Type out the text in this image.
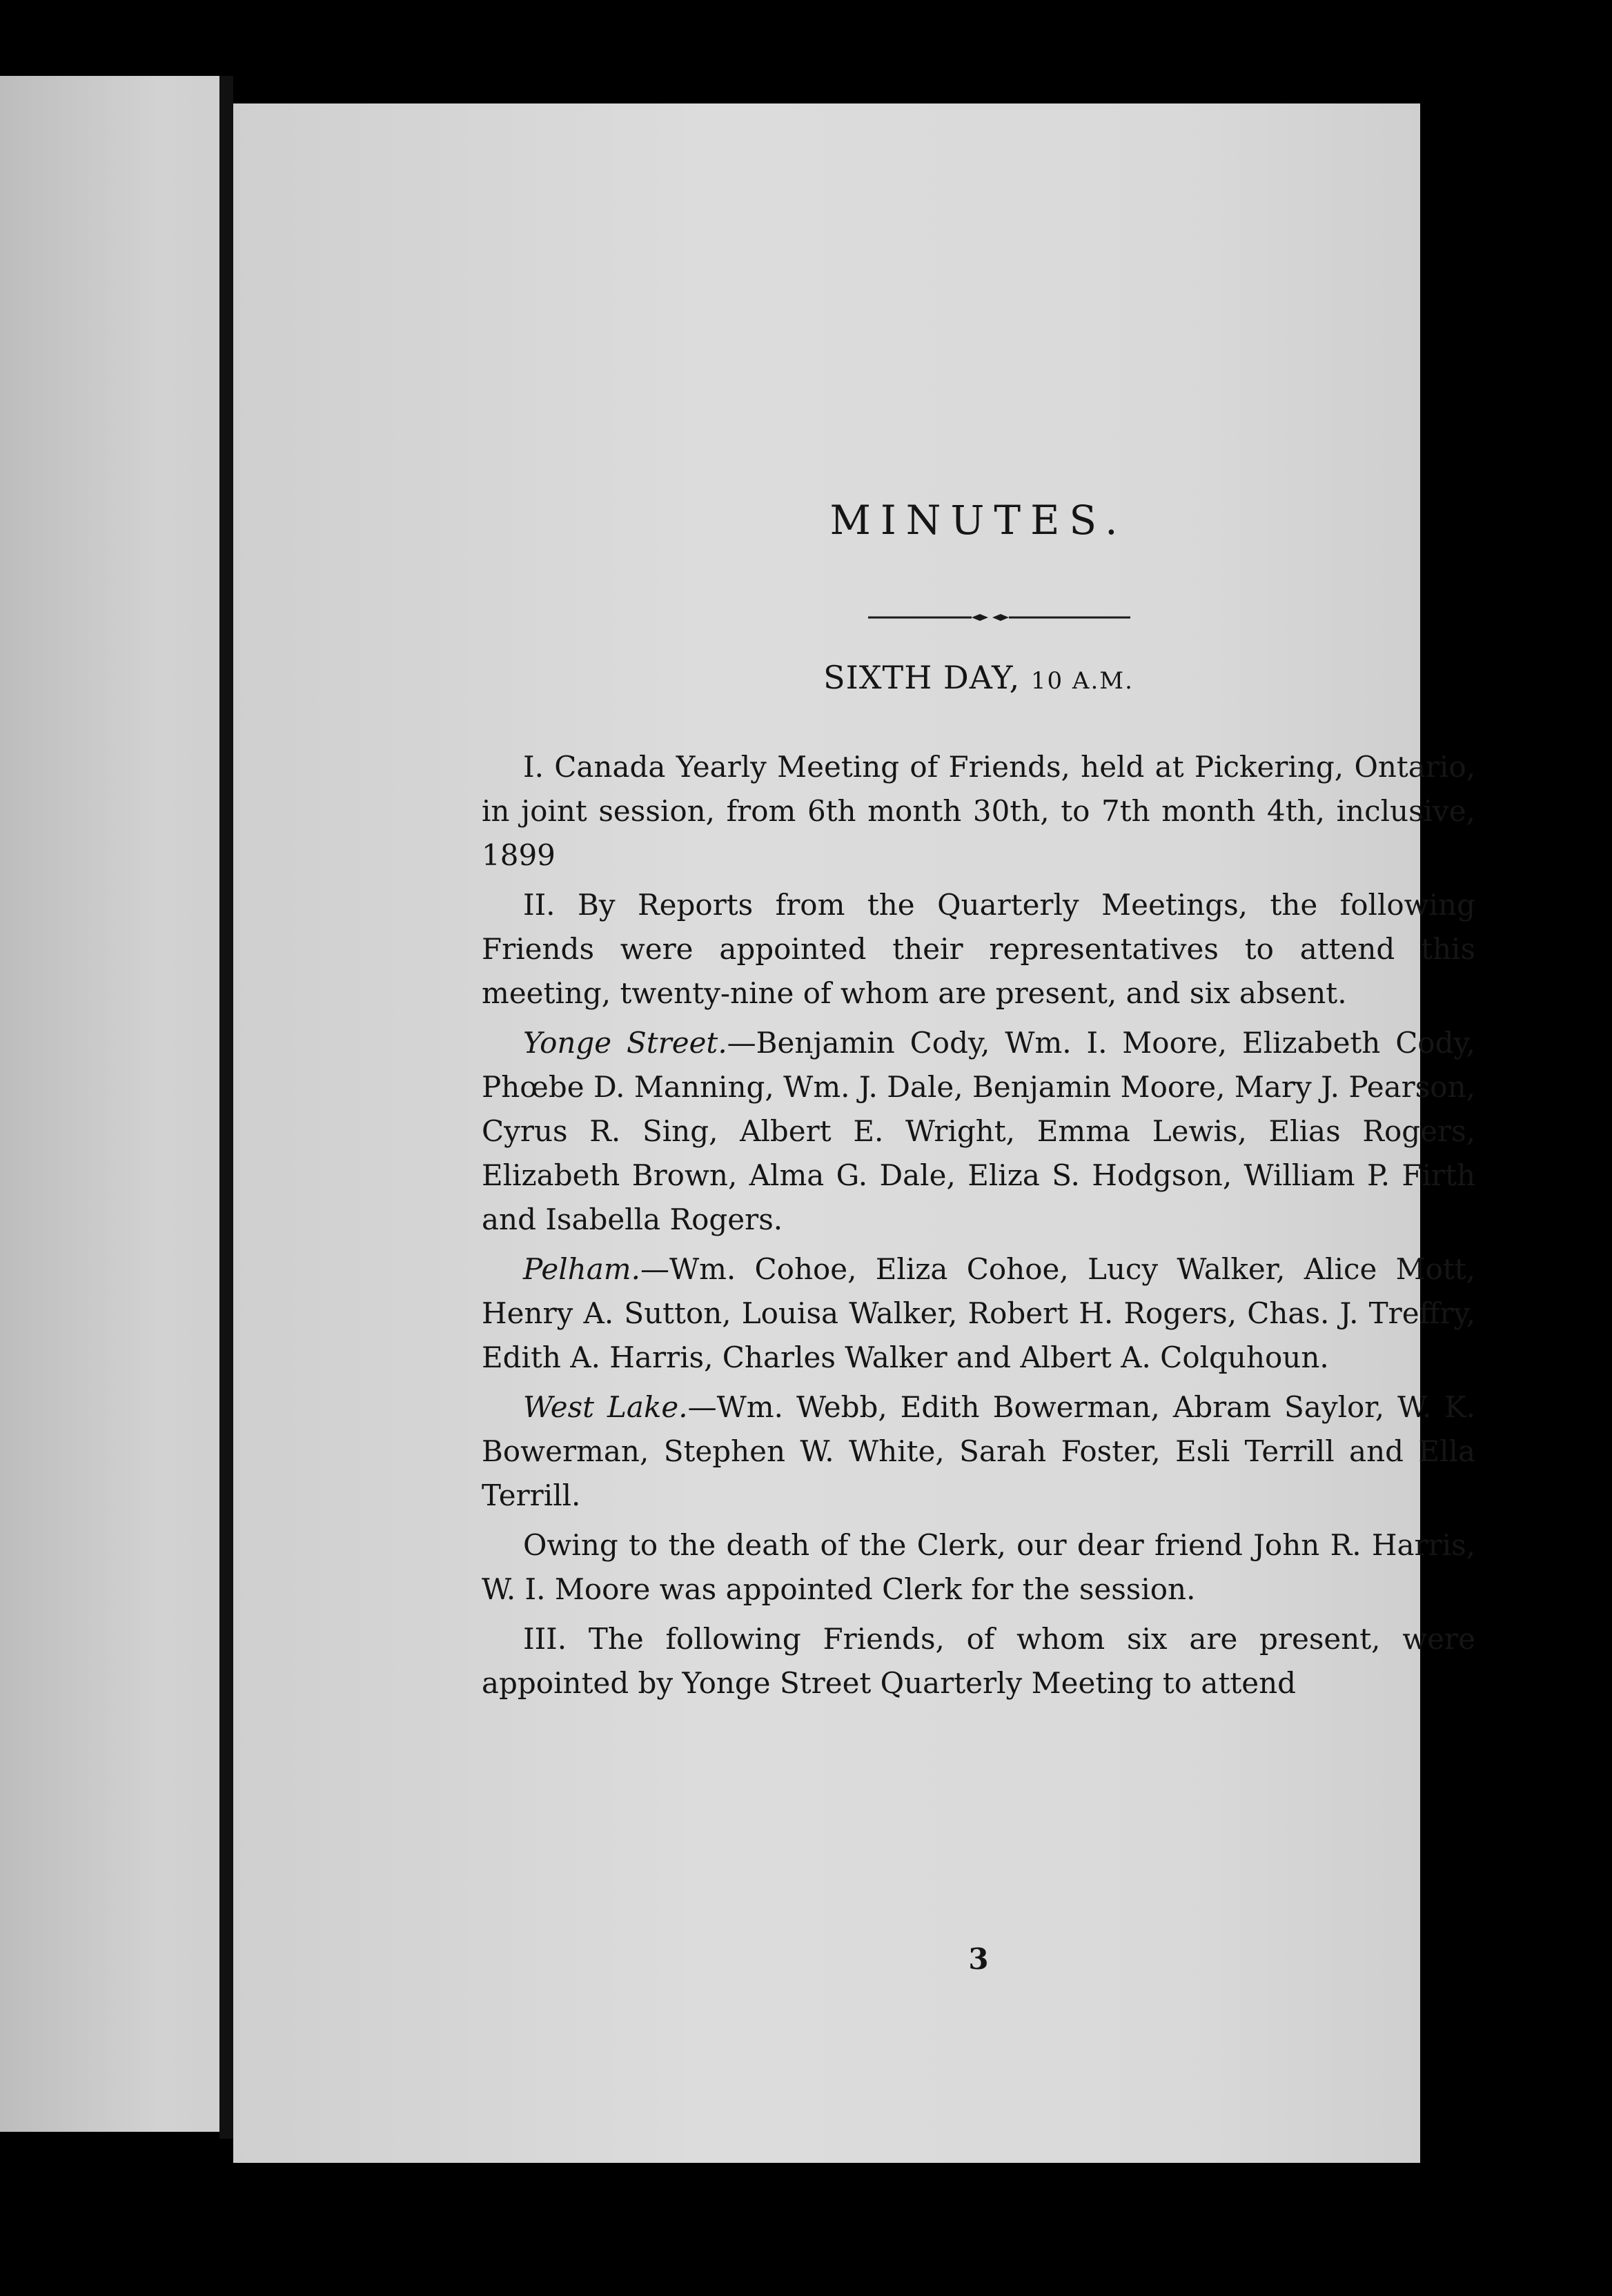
MINUTES.
SIXTH DAY, 10 A.M.

I. Canada Yearly Meeting of Friends, held at Pickering, Ontario, in joint session, from 6th month 30th, to 7th month 4th, inclusive, 1899

II. By Reports from the Quarterly Meetings, the following Friends were appointed their representatives to attend this meeting, twenty-nine of whom are present, and six absent.

Yonge Street.—Benjamin Cody, Wm. I. Moore, Elizabeth Cody, Phœbe D. Manning, Wm. J. Dale, Benjamin Moore, Mary J. Pearson, Cyrus R. Sing, Albert E. Wright, Emma Lewis, Elias Rogers, Elizabeth Brown, Alma G. Dale, Eliza S. Hodgson, William P. Firth and Isabella Rogers.

Pelham.—Wm. Cohoe, Eliza Cohoe, Lucy Walker, Alice Mott, Henry A. Sutton, Louisa Walker, Robert H. Rogers, Chas. J. Treffry, Edith A. Harris, Charles Walker and Albert A. Colquhoun.

West Lake.—Wm. Webb, Edith Bowerman, Abram Saylor, W. K. Bowerman, Stephen W. White, Sarah Foster, Esli Terrill and Ella Terrill.

Owing to the death of the Clerk, our dear friend John R. Harris, W. I. Moore was appointed Clerk for the session.

III. The following Friends, of whom six are present, were appointed by Yonge Street Quarterly Meeting to attend

3
